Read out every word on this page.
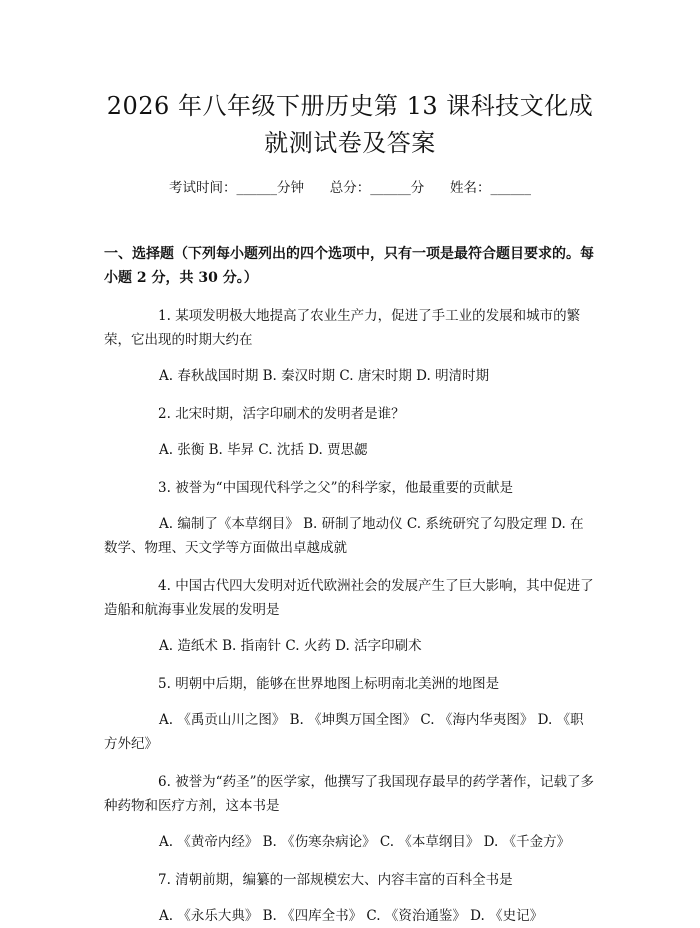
2026 年八年级下册历史第 13 课科技文化成
就测试卷及答案
考试时间：______分钟      总分：______分      姓名：______
一、选择题（下列每小题列出的四个选项中，只有一项是最符合题目要求的。每小题 2 分，共 30 分。）
1. 某项发明极大地提高了农业生产力，促进了手工业的发展和城市的繁荣，它出现的时期大约在
A. 春秋战国时期 B. 秦汉时期 C. 唐宋时期 D. 明清时期
2. 北宋时期，活字印刷术的发明者是谁？
A. 张衡 B. 毕昇 C. 沈括 D. 贾思勰
3. 被誉为“中国现代科学之父”的科学家，他最重要的贡献是
A. 编制了《本草纲目》 B. 研制了地动仪 C. 系统研究了勾股定理 D. 在数学、物理、天文学等方面做出卓越成就
4. 中国古代四大发明对近代欧洲社会的发展产生了巨大影响，其中促进了造船和航海事业发展的发明是
A. 造纸术 B. 指南针 C. 火药 D. 活字印刷术
5. 明朝中后期，能够在世界地图上标明南北美洲的地图是
A. 《禹贡山川之图》 B. 《坤舆万国全图》 C. 《海内华夷图》 D. 《职方外纪》
6. 被誉为“药圣”的医学家，他撰写了我国现存最早的药学著作，记载了多种药物和医疗方剂，这本书是
A. 《黄帝内经》 B. 《伤寒杂病论》 C. 《本草纲目》 D. 《千金方》
7. 清朝前期，编纂的一部规模宏大、内容丰富的百科全书是
A. 《永乐大典》 B. 《四库全书》 C. 《资治通鉴》 D. 《史记》
